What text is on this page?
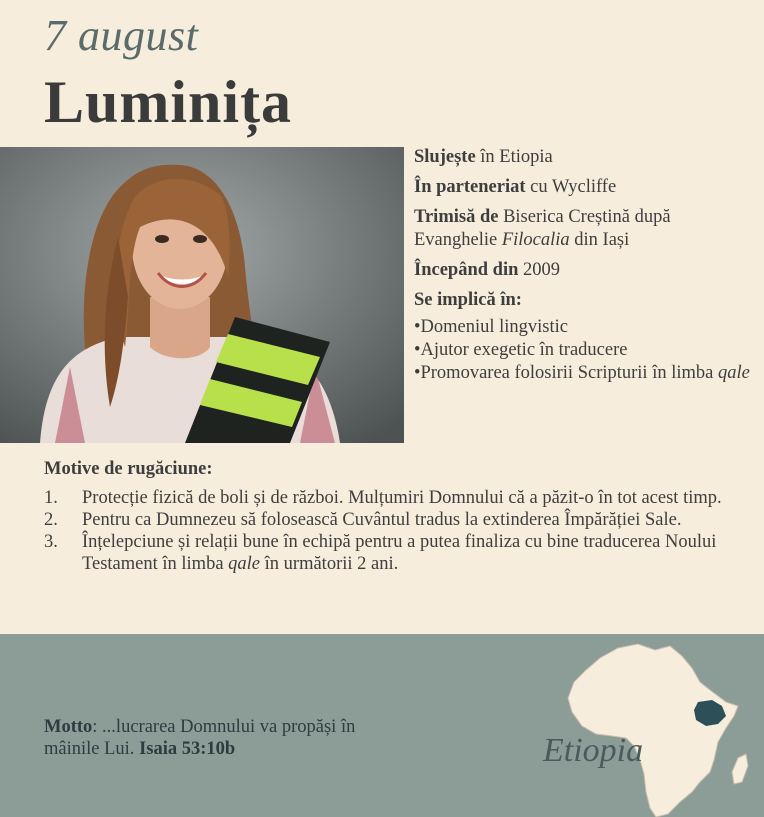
7 august
Luminița

Slujește în Etiopia

În parteneriat cu Wycliffe

Trimisă de Biserica Creștină după Evanghelie Filocalia din Iași

Începând din 2009

Se implică în:

•Domeniul lingvistic
•Ajutor exegetic în traducere
•Promovarea folosirii Scripturii în limba qale
Motive de rugăciune:
1. Protecție fizică de boli și de război. Mulțumiri Domnului că a păzit-o în tot acest timp.
2. Pentru ca Dumnezeu să folosească Cuvântul tradus la extinderea Împărăției Sale.
3. Înțelepciune și relații bune în echipă pentru a putea finaliza cu bine traducerea Noului Testament în limba qale în următorii 2 ani.
Motto: ...lucrarea Domnului va propăși în mâinile Lui. Isaia 53:10b	Etiopia
